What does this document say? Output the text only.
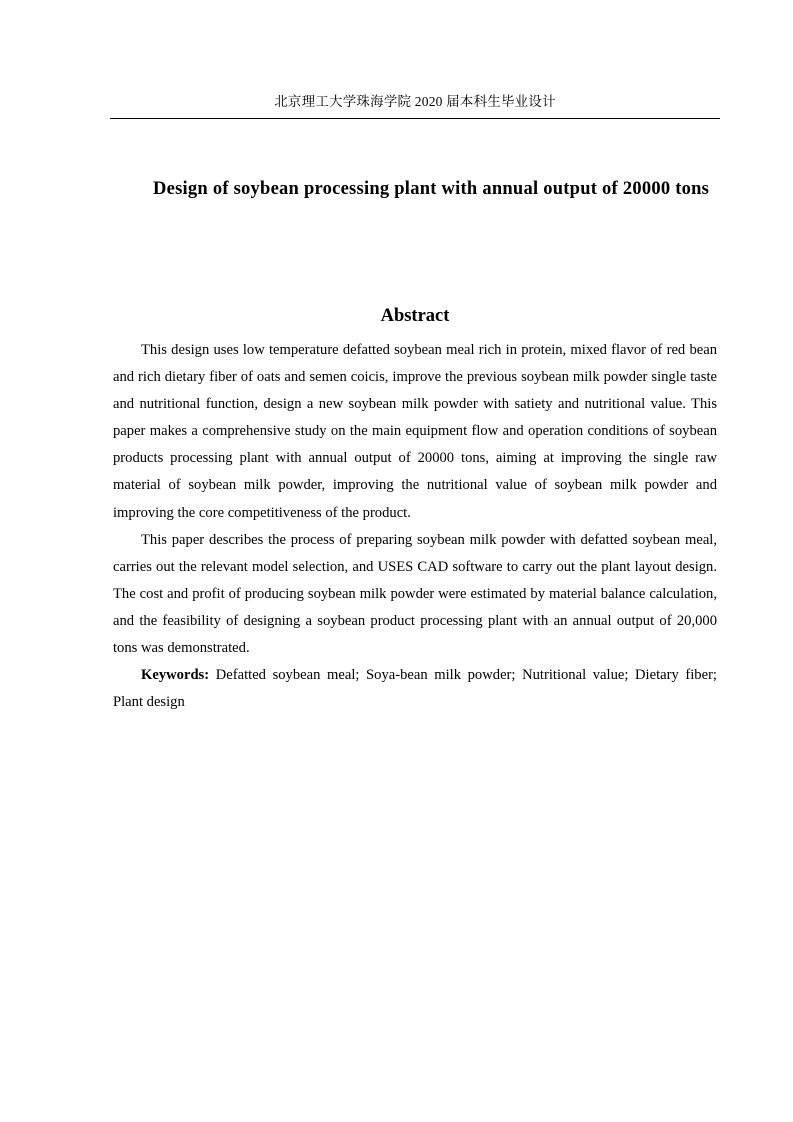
北京理工大学珠海学院 2020 届本科生毕业设计
Design of soybean processing plant with annual output of 20000 tons
Abstract

This design uses low temperature defatted soybean meal rich in protein, mixed flavor of red bean and rich dietary fiber of oats and semen coicis, improve the previous soybean milk powder single taste and nutritional function, design a new soybean milk powder with satiety and nutritional value. This paper makes a comprehensive study on the main equipment flow and operation conditions of soybean products processing plant with annual output of 20000 tons, aiming at improving the single raw material of soybean milk powder, improving the nutritional value of soybean milk powder and improving the core competitiveness of the product.

This paper describes the process of preparing soybean milk powder with defatted soybean meal, carries out the relevant model selection, and USES CAD software to carry out the plant layout design. The cost and profit of producing soybean milk powder were estimated by material balance calculation, and the feasibility of designing a soybean product processing plant with an annual output of 20,000 tons was demonstrated.

Keywords: Defatted soybean meal; Soya-bean milk powder; Nutritional value; Dietary fiber; Plant design
